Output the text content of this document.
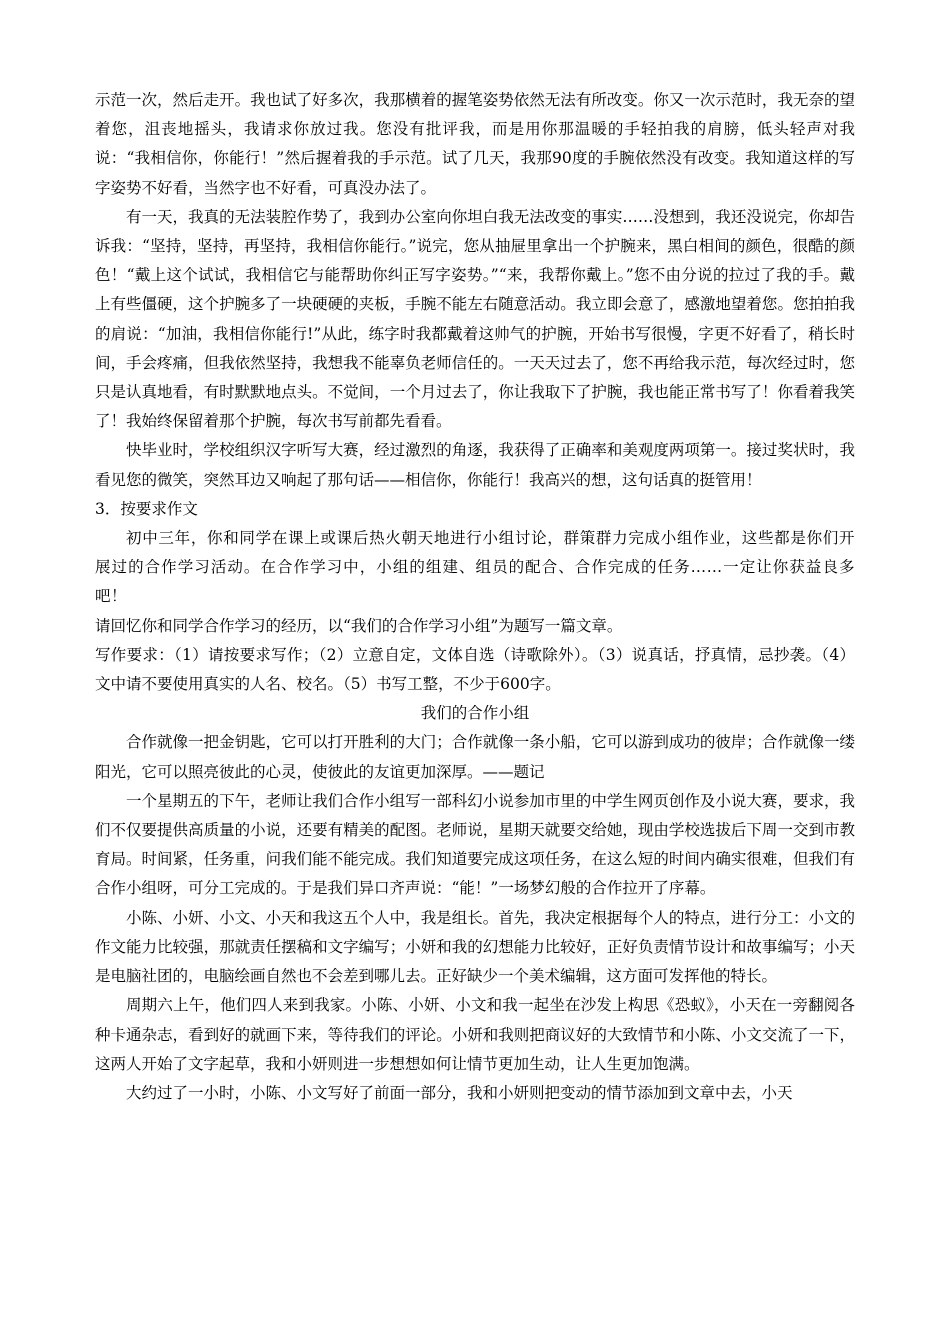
示范一次，然后走开。我也试了好多次，我那横着的握笔姿势依然无法有所改变。你又一次示范时，我无奈的望着您，沮丧地摇头，我请求你放过我。您没有批评我，而是用你那温暖的手轻拍我的肩膀，低头轻声对我说：“我相信你，你能行！”然后握着我的手示范。试了几天，我那90度的手腕依然没有改变。我知道这样的写字姿势不好看，当然字也不好看，可真没办法了。

有一天，我真的无法装腔作势了，我到办公室向你坦白我无法改变的事实……没想到，我还没说完，你却告诉我：“坚持，坚持，再坚持，我相信你能行。”说完，您从抽屉里拿出一个护腕来，黑白相间的颜色，很酷的颜色！“戴上这个试试，我相信它与能帮助你纠正写字姿势。”“来，我帮你戴上。”您不由分说的拉过了我的手。戴上有些僵硬，这个护腕多了一块硬硬的夹板，手腕不能左右随意活动。我立即会意了，感激地望着您。您拍拍我的肩说：“加油，我相信你能行!”从此，练字时我都戴着这帅气的护腕，开始书写很慢，字更不好看了，稍长时间，手会疼痛，但我依然坚持，我想我不能辜负老师信任的。一天天过去了，您不再给我示范，每次经过时，您只是认真地看，有时默默地点头。不觉间，一个月过去了，你让我取下了护腕，我也能正常书写了！你看着我笑了！我始终保留着那个护腕，每次书写前都先看看。

快毕业时，学校组织汉字听写大赛，经过激烈的角逐，我获得了正确率和美观度两项第一。接过奖状时，我看见您的微笑，突然耳边又响起了那句话——相信你，你能行！我高兴的想，这句话真的挺管用！

3．按要求作文

初中三年，你和同学在课上或课后热火朝天地进行小组讨论，群策群力完成小组作业，这些都是你们开展过的合作学习活动。在合作学习中，小组的组建、组员的配合、合作完成的任务……一定让你获益良多吧！

请回忆你和同学合作学习的经历，以“我们的合作学习小组”为题写一篇文章。

写作要求：（1）请按要求写作；（2）立意自定，文体自选（诗歌除外）。（3）说真话，抒真情，忌抄袭。（4）文中请不要使用真实的人名、校名。（5）书写工整，不少于600字。

我们的合作小组

合作就像一把金钥匙，它可以打开胜利的大门；合作就像一条小船，它可以游到成功的彼岸；合作就像一缕阳光，它可以照亮彼此的心灵，使彼此的友谊更加深厚。——题记

一个星期五的下午，老师让我们合作小组写一部科幻小说参加市里的中学生网页创作及小说大赛，要求，我们不仅要提供高质量的小说，还要有精美的配图。老师说，星期天就要交给她，现由学校选拔后下周一交到市教育局。时间紧，任务重，问我们能不能完成。我们知道要完成这项任务，在这么短的时间内确实很难，但我们有合作小组呀，可分工完成的。于是我们异口齐声说：“能！”一场梦幻般的合作拉开了序幕。

小陈、小妍、小文、小天和我这五个人中，我是组长。首先，我决定根据每个人的特点，进行分工：小文的作文能力比较强，那就责任摆稿和文字编写；小妍和我的幻想能力比较好，正好负责情节设计和故事编写；小天是电脑社团的，电脑绘画自然也不会差到哪儿去。正好缺少一个美术编辑，这方面可发挥他的特长。

周期六上午，他们四人来到我家。小陈、小妍、小文和我一起坐在沙发上构思《恐蚁》，小天在一旁翻阅各种卡通杂志，看到好的就画下来，等待我们的评论。小妍和我则把商议好的大致情节和小陈、小文交流了一下，这两人开始了文字起草，我和小妍则进一步想想如何让情节更加生动，让人生更加饱满。

大约过了一小时，小陈、小文写好了前面一部分，我和小妍则把变动的情节添加到文章中去，小天
